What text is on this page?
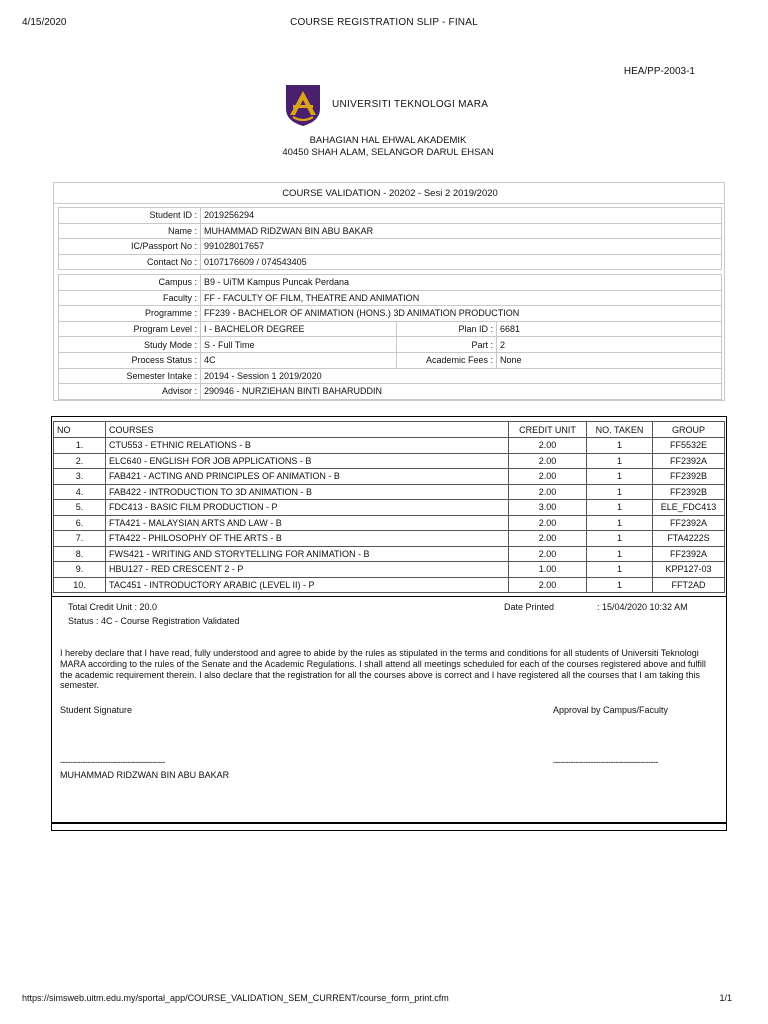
4/15/2020	COURSE REGISTRATION SLIP - FINAL
HEA/PP-2003-1
UNIVERSITI TEKNOLOGI MARA
BAHAGIAN HAL EHWAL AKADEMIK
40450 SHAH ALAM, SELANGOR DARUL EHSAN
COURSE VALIDATION - 20202 - Sesi 2 2019/2020
Student ID :	2019256294
Name :	MUHAMMAD RIDZWAN BIN ABU BAKAR
IC/Passport No :	991028017657
Contact No :	0107176609 / 074543405
Campus :	B9 - UiTM Kampus Puncak Perdana		
Faculty :	FF - FACULTY OF FILM, THEATRE AND ANIMATION		
Programme :	FF239 - BACHELOR OF ANIMATION (HONS.) 3D ANIMATION PRODUCTION		
Program Level :	I - BACHELOR DEGREE	Plan ID :	6681
Study Mode :	S - Full Time	Part :	2
Process Status :	4C	Academic Fees :	None
Semester Intake :	20194 - Session 1 2019/2020		
Advisor :	290946 - NURZIEHAN BINTI BAHARUDDIN		
NO	COURSES	CREDIT UNIT	NO. TAKEN	GROUP
1.	CTU553 - ETHNIC RELATIONS - B	2.00	1	FF5532E
2.	ELC640 - ENGLISH FOR JOB APPLICATIONS - B	2.00	1	FF2392A
3.	FAB421 - ACTING AND PRINCIPLES OF ANIMATION - B	2.00	1	FF2392B
4.	FAB422 - INTRODUCTION TO 3D ANIMATION - B	2.00	1	FF2392B
5.	FDC413 - BASIC FILM PRODUCTION - P	3.00	1	ELE_FDC413
6.	FTA421 - MALAYSIAN ARTS AND LAW - B	2.00	1	FF2392A
7.	FTA422 - PHILOSOPHY OF THE ARTS - B	2.00	1	FTA4222S
8.	FWS421 - WRITING AND STORYTELLING FOR ANIMATION - B	2.00	1	FF2392A
9.	HBU127 - RED CRESCENT 2 - P	1.00	1	KPP127-03
10.	TAC451 - INTRODUCTORY ARABIC (LEVEL II) - P	2.00	1	FFT2AD
Total Credit Unit : 20.0
Status : 4C - Course Registration Validated
Date Printed	: 15/04/2020 10:32 AM
I hereby declare that I have read, fully understood and agree to abide by the rules as stipulated in the terms and conditions for all students of Universiti Teknologi MARA according to the rules of the Senate and the Academic Regulations. I shall attend all meetings scheduled for each of the courses registered above and fulfill the academic requirement therein. I also declare that the registration for all the courses above is correct and I have registered all the courses that I am taking this semester.
Student Signature	Approval by Campus/Faculty
------------------------------------------	------------------------------------------
MUHAMMAD RIDZWAN BIN ABU BAKAR
https://simsweb.uitm.edu.my/sportal_app/COURSE_VALIDATION_SEM_CURRENT/course_form_print.cfm	1/1
